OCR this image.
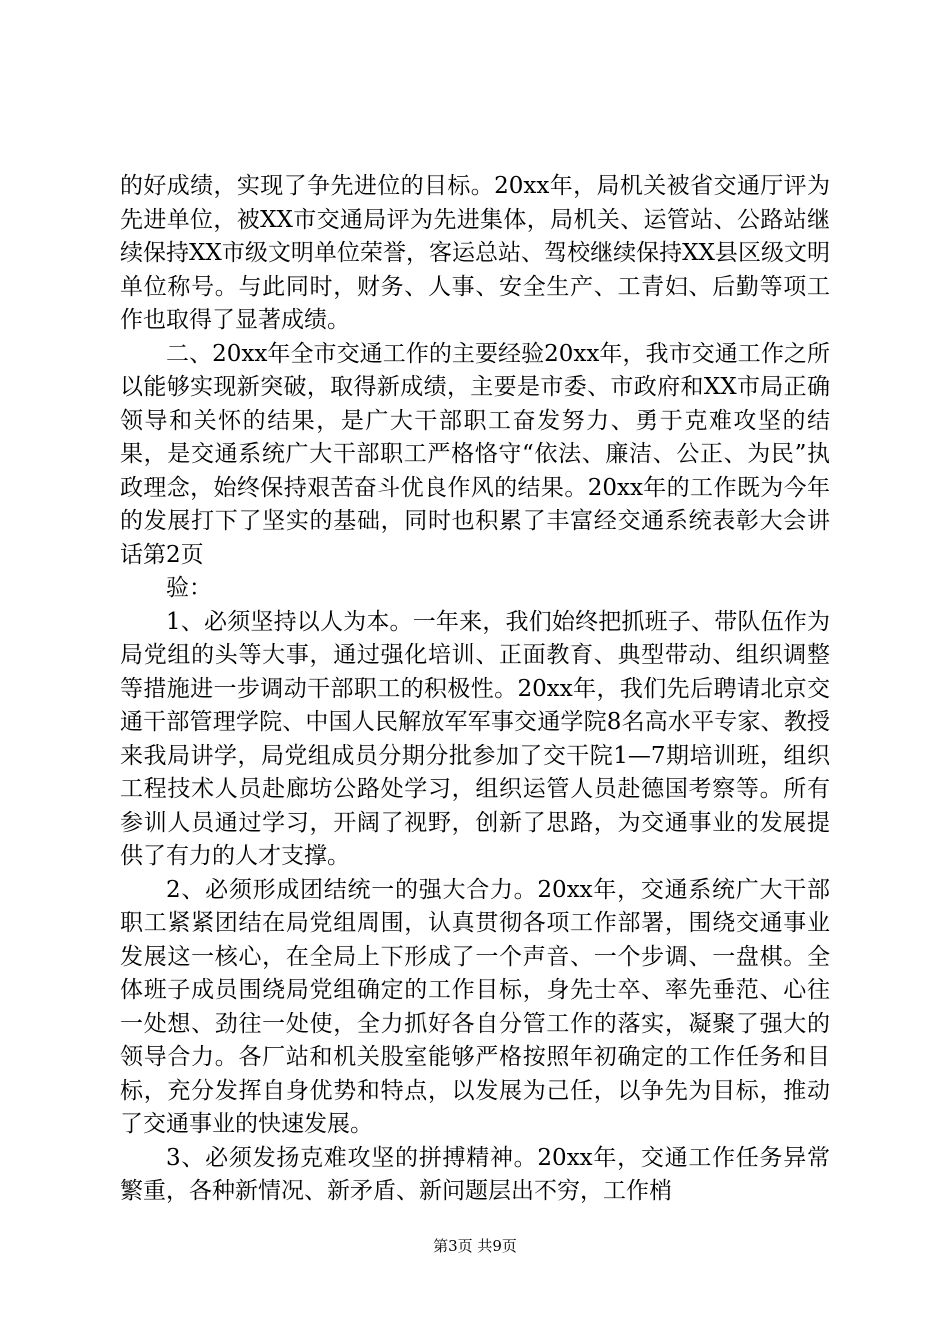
的好成绩，实现了争先进位的目标。20xx年，局机关被省交通厅评为先进单位，被XX市交通局评为先进集体，局机关、运管站、公路站继续保持XX市级文明单位荣誉，客运总站、驾校继续保持XX县区级文明单位称号。与此同时，财务、人事、安全生产、工青妇、后勤等项工作也取得了显著成绩。

二、20xx年全市交通工作的主要经验20xx年，我市交通工作之所以能够实现新突破，取得新成绩，主要是市委、市政府和XX市局正确领导和关怀的结果，是广大干部职工奋发努力、勇于克难攻坚的结果，是交通系统广大干部职工严格恪守“依法、廉洁、公正、为民”执政理念，始终保持艰苦奋斗优良作风的结果。20xx年的工作既为今年的发展打下了坚实的基础，同时也积累了丰富经交通系统表彰大会讲话第2页

验：

1、必须坚持以人为本。一年来，我们始终把抓班子、带队伍作为局党组的头等大事，通过强化培训、正面教育、典型带动、组织调整等措施进一步调动干部职工的积极性。20xx年，我们先后聘请北京交通干部管理学院、中国人民解放军军事交通学院8名高水平专家、教授来我局讲学，局党组成员分期分批参加了交干院1—7期培训班，组织工程技术人员赴廊坊公路处学习，组织运管人员赴德国考察等。所有参训人员通过学习，开阔了视野，创新了思路，为交通事业的发展提供了有力的人才支撑。

2、必须形成团结统一的强大合力。20xx年，交通系统广大干部职工紧紧团结在局党组周围，认真贯彻各项工作部署，围绕交通事业发展这一核心，在全局上下形成了一个声音、一个步调、一盘棋。全体班子成员围绕局党组确定的工作目标，身先士卒、率先垂范、心往一处想、劲往一处使，全力抓好各自分管工作的落实，凝聚了强大的领导合力。各厂站和机关股室能够严格按照年初确定的工作任务和目标，充分发挥自身优势和特点，以发展为己任，以争先为目标，推动了交通事业的快速发展。

3、必须发扬克难攻坚的拼搏精神。20xx年，交通工作任务异常繁重，各种新情况、新矛盾、新问题层出不穷，工作梢

第3页 共9页
